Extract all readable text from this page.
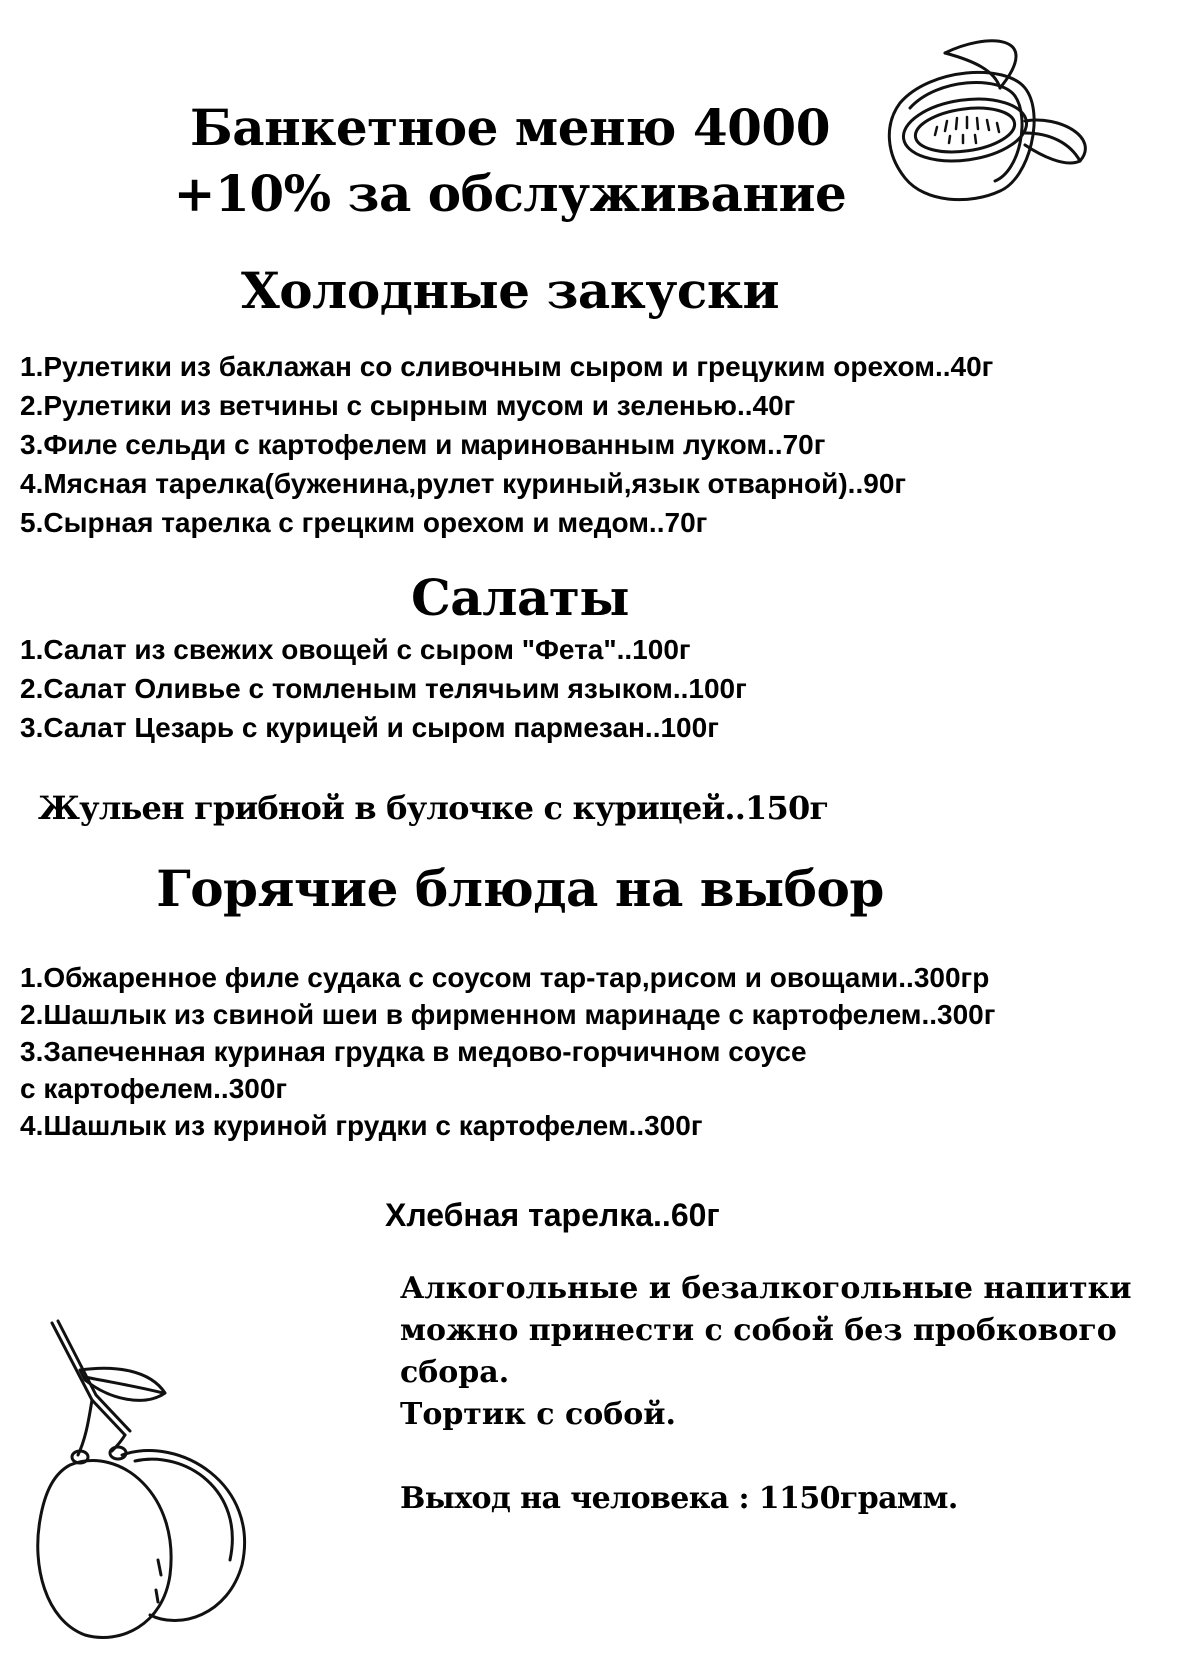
Банкетное меню 4000
+10% за обслуживание
Холодные закуски
1.Рулетики из баклажан со сливочным сыром и грецуким орехом..40г
2.Рулетики из ветчины с сырным мусом и зеленью..40г
3.Филе сельди с картофелем и маринованным луком..70г
4.Мясная тарелка(буженина,рулет куриный,язык отварной)..90г
5.Сырная тарелка с грецким орехом и медом..70г
Салаты
1.Салат из свежих овощей с сыром "Фета"..100г
2.Салат Оливье с томленым телячьим языком..100г
3.Салат Цезарь с курицей и сыром пармезан..100г
Жульен грибной в булочке с курицей..150г
Горячие блюда на выбор
1.Обжаренное филе судака с соусом тар-тар,рисом и овощами..300гр
2.Шашлык из свиной шеи в фирменном маринаде с картофелем..300г
3.Запеченная куриная грудка в медово-горчичном соусе
с картофелем..300г
4.Шашлык из куриной грудки с картофелем..300г
Хлебная тарелка..60г

Алкогольные и безалкогольные напитки

можно принести с собой без пробкового

сбора.

Тортик с собой.

Выход на человека : 1150грамм.
